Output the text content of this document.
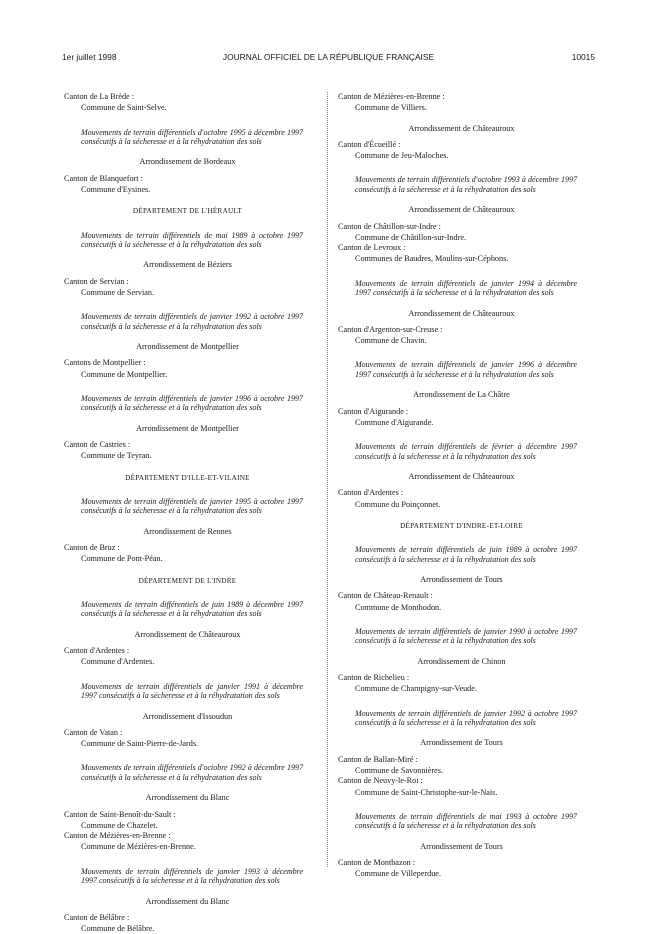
1er juillet 1998	JOURNAL OFFICIEL DE LA RÉPUBLIQUE FRANÇAISE	10015

Canton de La Brède :

Commune de Saint-Selve.

Mouvements de terrain différentiels d'octobre 1995 à décembre 1997 consécutifs à la sécheresse et à la réhydratation des sols

Arrondissement de Bordeaux

Canton de Blanquefort :

Commune d'Eysines.

DÉPARTEMENT DE L'HÉRAULT

Mouvements de terrain différentiels de mai 1989 à octobre 1997 consécutifs à la sécheresse et à la réhydratation des sols

Arrondissement de Béziers

Canton de Servian :

Commune de Servian.

Mouvements de terrain différentiels de janvier 1992 à octobre 1997 consécutifs à la sécheresse et à la réhydratation des sols

Arrondissement de Montpellier

Cantons de Montpellier :

Commune de Montpellier.

Mouvements de terrain différentiels de janvier 1996 à octobre 1997 consécutifs à la sécheresse et à la réhydratation des sols

Arrondissement de Montpellier

Canton de Castries :

Commune de Teyran.

DÉPARTEMENT D'ILLE-ET-VILAINE

Mouvements de terrain différentiels de janvier 1995 à octobre 1997 consécutifs à la sécheresse et à la réhydratation des sols

Arrondissement de Rennes

Canton de Bruz :

Commune de Pont-Péan.

DÉPARTEMENT DE L'INDRE

Mouvements de terrain différentiels de juin 1989 à décembre 1997 consécutifs à la sécheresse et à la réhydratation des sols

Arrondissement de Châteauroux

Canton d'Ardentes :

Commune d'Ardentes.

Mouvements de terrain différentiels de janvier 1991 à décembre 1997 consécutifs à la sécheresse et à la réhydratation des sols

Arrondissement d'Issoudun

Canton de Vatan :

Commune de Saint-Pierre-de-Jards.

Mouvements de terrain différentiels d'octobre 1992 à décembre 1997 consécutifs à la sécheresse et à la réhydratation des sols

Arrondissement du Blanc

Canton de Saint-Benoît-du-Sault :

Commune de Chazelet.

Canton de Mézières-en-Brenne :

Commune de Mézières-en-Brenne.

Mouvements de terrain différentiels de janvier 1993 à décembre 1997 consécutifs à la sécheresse et à la réhydratation des sols

Arrondissement du Blanc

Canton de Bélâbre :

Commune de Bélâbre.

Canton de Mézières-en-Brenne :

Commune de Villiers.

Arrondissement de Châteauroux

Canton d'Écueillé :

Commune de Jeu-Maloches.

Mouvements de terrain différentiels d'octobre 1993 à décembre 1997 consécutifs à la sécheresse et à la réhydratation des sols

Arrondissement de Châteauroux

Canton de Châtillon-sur-Indre :

Commune de Châtillon-sur-Indre.

Canton de Levroux :

Communes de Baudres, Moulins-sur-Céphons.

Mouvements de terrain différentiels de janvier 1994 à décembre 1997 consécutifs à la sécheresse et à la réhydratation des sols

Arrondissement de Châteauroux

Canton d'Argenton-sur-Creuse :

Commune de Chavin.

Mouvements de terrain différentiels de janvier 1996 à décembre 1997 consécutifs à la sécheresse et à la réhydratation des sols

Arrondissement de La Châtre

Canton d'Aigurande :

Commune d'Aigurande.

Mouvements de terrain différentiels de février à décembre 1997 consécutifs à la sécheresse et à la réhydratation des sols

Arrondissement de Châteauroux

Canton d'Ardentes :

Commune du Poinçonnet.

DÉPARTEMENT D'INDRE-ET-LOIRE

Mouvements de terrain différentiels de juin 1989 à octobre 1997 consécutifs à la sécheresse et à la réhydratation des sols

Arrondissement de Tours

Canton de Château-Renault :

Commune de Monthodon.

Mouvements de terrain différentiels de janvier 1990 à octobre 1997 consécutifs à la sécheresse et à la réhydratation des sols

Arrondissement de Chinon

Canton de Richelieu :

Commune de Champigny-sur-Veude.

Mouvements de terrain différentiels de janvier 1992 à octobre 1997 consécutifs à la sécheresse et à la réhydratation des sols

Arrondissement de Tours

Canton de Ballan-Miré :

Commune de Savonnières.

Canton de Neuvy-le-Roi :

Commune de Saint-Christophe-sur-le-Nais.

Mouvements de terrain différentiels de mai 1993 à octobre 1997 consécutifs à la sécheresse et à la réhydratation des sols

Arrondissement de Tours

Canton de Montbazon :

Commune de Villeperdue.
